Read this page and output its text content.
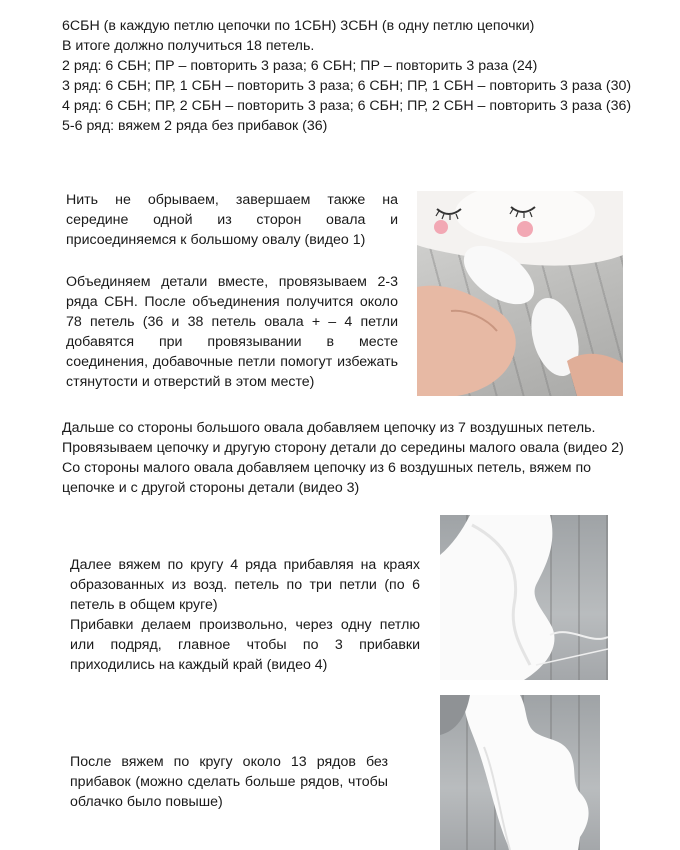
6СБН (в каждую петлю цепочки по 1СБН) 3СБН (в одну петлю цепочки)

В итоге должно получиться 18 петель.

2 ряд: 6 СБН; ПР – повторить 3 раза; 6 СБН; ПР – повторить 3 раза (24)

3 ряд: 6 СБН; ПР, 1 СБН – повторить 3 раза; 6 СБН; ПР, 1 СБН – повторить 3 раза (30)

4 ряд: 6 СБН; ПР, 2 СБН – повторить 3 раза; 6 СБН; ПР, 2 СБН – повторить 3 раза (36)

5-6 ряд: вяжем 2 ряда без прибавок (36)

Нить не обрываем, завершаем также на середине одной из сторон овала и присоединяемся к большому овалу (видео 1)

Объединяем детали вместе, провязываем 2-3 ряда СБН. После объединения получится около 78 петель (36 и 38 петель овала + – 4 петли добавятся при провязывании в месте соединения, добавочные петли помогут избежать стянутости и отверстий в этом месте)

Дальше со стороны большого овала добавляем цепочку из 7 воздушных петель. Провязываем цепочку и другую сторону детали до середины малого овала (видео 2)

Со стороны малого овала добавляем цепочку из 6 воздушных петель, вяжем по цепочке и с другой стороны детали (видео 3)

Далее вяжем по кругу 4 ряда прибавляя на краях образованных из возд. петель по три петли (по 6 петель в общем круге)

Прибавки делаем произвольно, через одну петлю или подряд, главное чтобы по 3 прибавки приходились на каждый край (видео 4)

После вяжем по кругу около 13 рядов без прибавок (можно сделать больше рядов, чтобы облачко было повыше)
